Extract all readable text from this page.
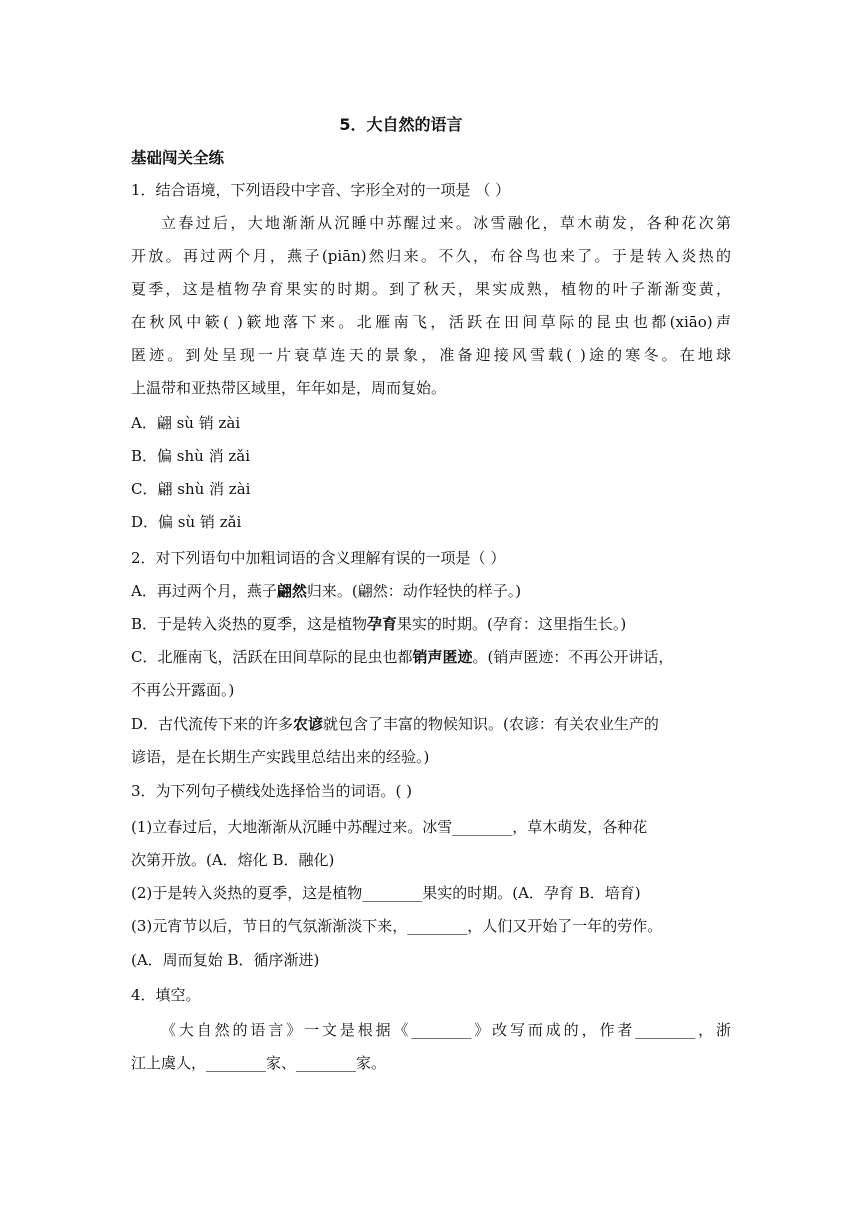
5．大自然的语言
基础闯关全练
1．结合语境，下列语段中字音、字形全对的一项是 （ ）
立春过后，大地渐渐从沉睡中苏醒过来。冰雪融化，草木萌发，各种花次第
开放。再过两个月，燕子(piān)然归来。不久，布谷鸟也来了。于是转入炎热的
夏季，这是植物孕育果实的时期。到了秋天，果实成熟，植物的叶子渐渐变黄，
在秋风中簌( )簌地落下来。北雁南飞，活跃在田间草际的昆虫也都(xiāo)声
匿迹。到处呈现一片衰草连天的景象，准备迎接风雪载( )途的寒冬。在地球
上温带和亚热带区域里，年年如是，周而复始。
A．翩 sù 销 zài
B．偏 shù 消 zǎi
C．翩 shù 消 zài
D．偏 sù 销 zǎi
2．对下列语句中加粗词语的含义理解有误的一项是（ ）
A．再过两个月，燕子翩然归来。(翩然：动作轻快的样子。)
B．于是转入炎热的夏季，这是植物孕育果实的时期。(孕育：这里指生长。)
C．北雁南飞，活跃在田间草际的昆虫也都销声匿迹。(销声匿迹：不再公开讲话，
不再公开露面。)
D．古代流传下来的许多农谚就包含了丰富的物候知识。(农谚：有关农业生产的
谚语，是在长期生产实践里总结出来的经验。)
3．为下列句子横线处选择恰当的词语。( )
(1)立春过后，大地渐渐从沉睡中苏醒过来。冰雪________，草木萌发，各种花
次第开放。(A．熔化 B．融化)
(2)于是转入炎热的夏季，这是植物________果实的时期。(A．孕育 B．培育)
(3)元宵节以后，节日的气氛渐渐淡下来，________，人们又开始了一年的劳作。
(A．周而复始 B．循序渐进)
4．填空。
《大自然的语言》一文是根据《________》改写而成的，作者________，浙
江上虞人，________家、________家。
